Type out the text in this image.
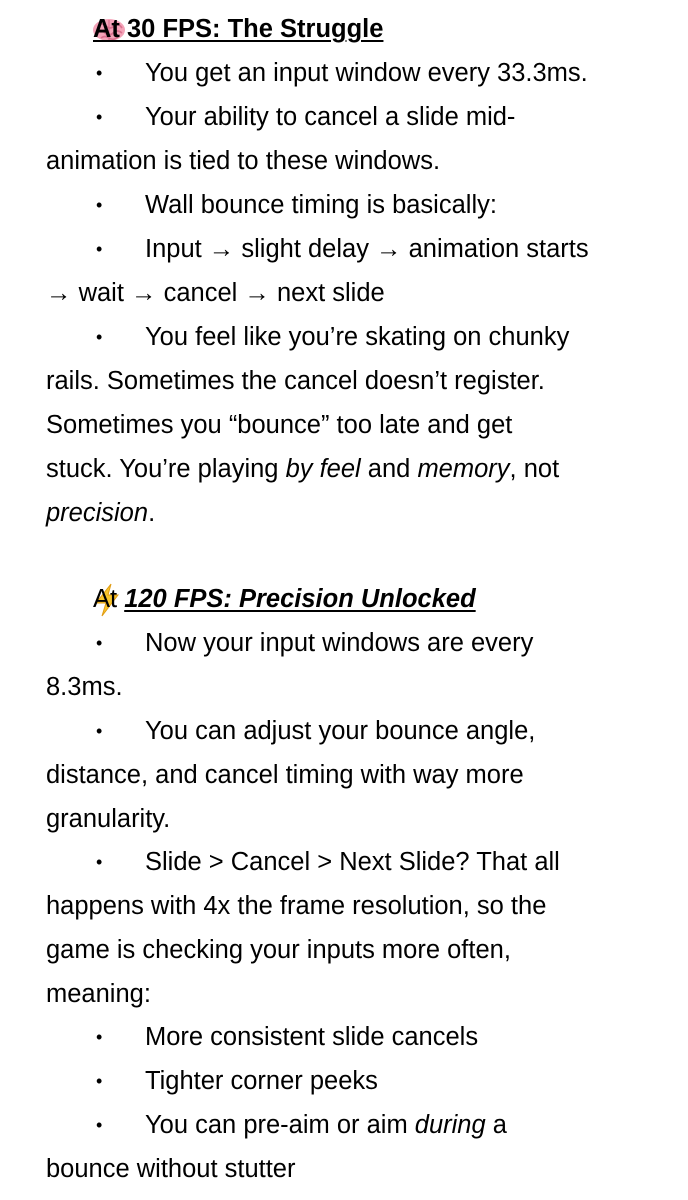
At 30 FPS: The Struggle
•	You get an input window every 33.3ms.
•	Your ability to cancel a slide mid-
animation is tied to these windows.
•	Wall bounce timing is basically:
•	Input → slight delay → animation starts
→ wait → cancel → next slide
•	You feel like you’re skating on chunky
rails. Sometimes the cancel doesn’t register.
Sometimes you “bounce” too late and get
stuck. You’re playing by feel and memory, not
precision.
At 120 FPS: Precision Unlocked
•	Now your input windows are every
8.3ms.
•	You can adjust your bounce angle,
distance, and cancel timing with way more
granularity.
•	Slide > Cancel > Next Slide? That all
happens with 4x the frame resolution, so the
game is checking your inputs more often,
meaning:
•	More consistent slide cancels
•	Tighter corner peeks
•	You can pre-aim or aim during a
bounce without stutter
